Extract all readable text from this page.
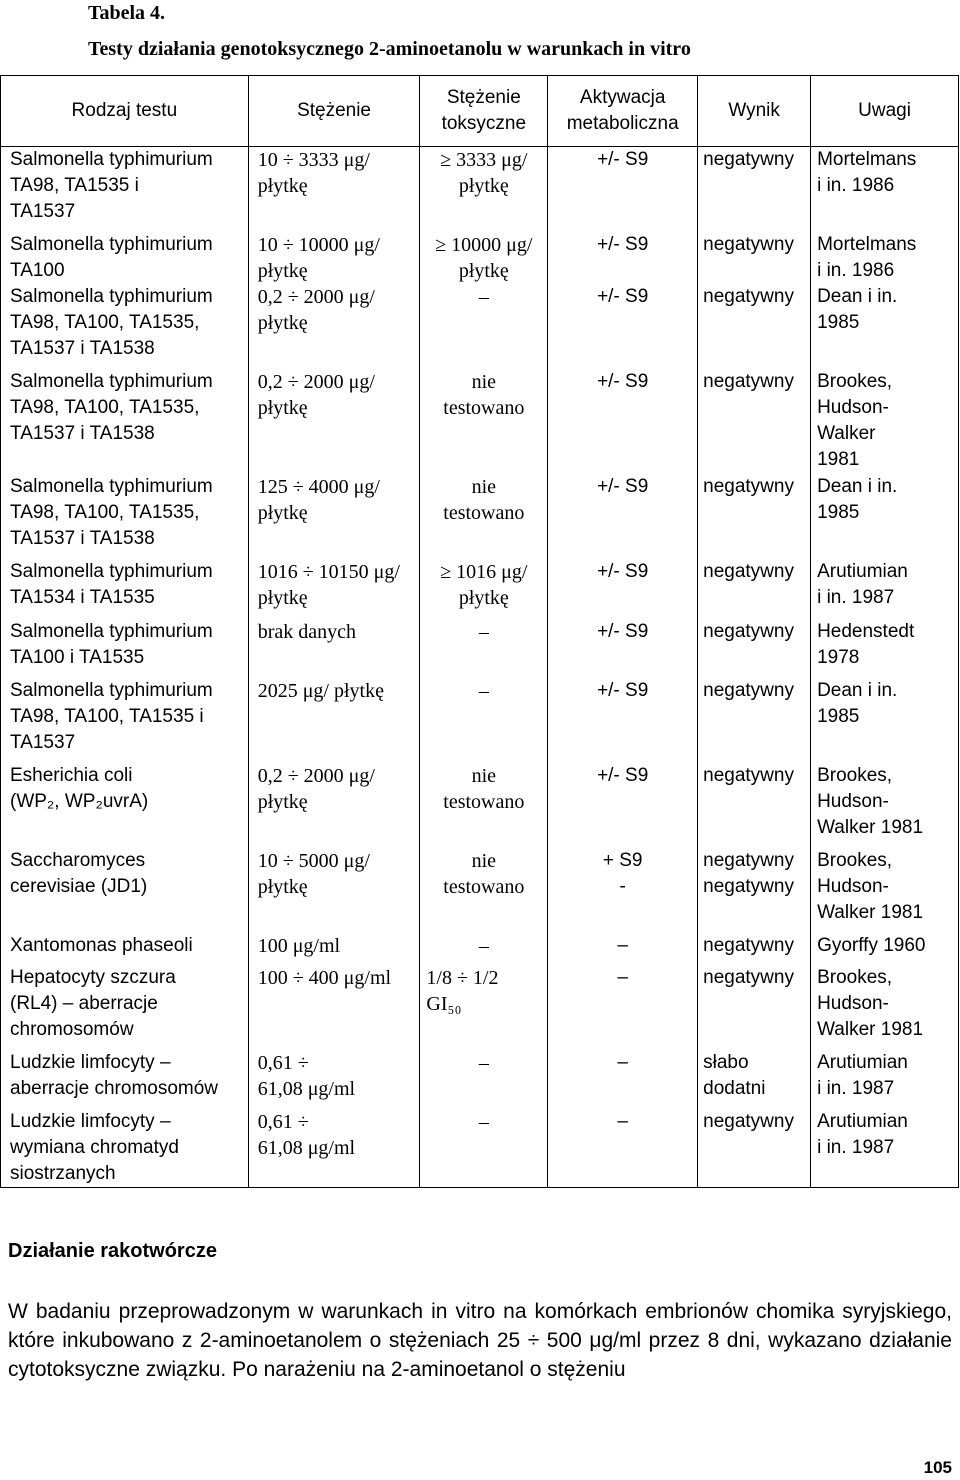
Tabela 4.
Testy działania genotoksycznego 2-aminoetanolu w warunkach in vitro
Rodzaj testu	Stężenie	Stężenie
toksyczne	Aktywacja
metaboliczna	Wynik	Uwagi

Salmonella typhimurium
TA98, TA1535 i
TA1537	10 ÷ 3333 μg/
płytkę	≥ 3333 μg/
płytkę	+/- S9	negatywny	Mortelmans
i in. 1986

Salmonella typhimurium
TA100	10 ÷ 10000 μg/
płytkę	≥ 10000 μg/
płytkę	+/- S9	negatywny	Mortelmans
i in. 1986

Salmonella typhimurium
TA98, TA100, TA1535,
TA1537 i TA1538	0,2 ÷ 2000 μg/
płytkę	–	+/- S9	negatywny	Dean i in.
1985

Salmonella typhimurium
TA98, TA100, TA1535,
TA1537 i TA1538	0,2 ÷ 2000 μg/
płytkę	nie
testowano	+/- S9	negatywny	Brookes,
Hudson-
Walker
1981

Salmonella typhimurium
TA98, TA100, TA1535,
TA1537 i TA1538	125 ÷ 4000 μg/
płytkę	nie
testowano	+/- S9	negatywny	Dean i in.
1985

Salmonella typhimurium
TA1534 i TA1535	1016 ÷ 10150 μg/
płytkę	≥ 1016 μg/
płytkę	+/- S9	negatywny	Arutiumian
i in. 1987

Salmonella typhimurium
TA100 i TA1535	brak danych	–	+/- S9	negatywny	Hedenstedt
1978

Salmonella typhimurium
TA98, TA100, TA1535 i
TA1537	2025 μg/ płytkę	–	+/- S9	negatywny	Dean i in.
1985

Esherichia coli
(WP₂, WP₂uvrA)	0,2 ÷ 2000 μg/
płytkę	nie
testowano	+/- S9	negatywny	Brookes,
Hudson-
Walker 1981

Saccharomyces
cerevisiae (JD1)	10 ÷ 5000 μg/
płytkę	nie
testowano	+ S9
-	negatywny
negatywny	Brookes,
Hudson-
Walker 1981

Xantomonas phaseoli	100 μg/ml	–	–	negatywny	Gyorffy 1960

Hepatocyty szczura
(RL4) – aberracje
chromosomów	100 ÷ 400 μg/ml	1/8 ÷ 1/2
GI₅₀	–	negatywny	Brookes,
Hudson-
Walker 1981

Ludzkie limfocyty –
aberracje chromosomów	0,61 ÷
61,08 μg/ml	–	–	słabo
dodatni	Arutiumian
i in. 1987

Ludzkie limfocyty –
wymiana chromatyd
siostrzanych	0,61 ÷
61,08 μg/ml	–	–	negatywny	Arutiumian
i in. 1987
Działanie rakotwórcze
W badaniu przeprowadzonym w warunkach in vitro na komórkach embrionów chomika syryjskiego, które inkubowano z 2-aminoetanolem o stężeniach 25 ÷ 500 μg/ml przez 8 dni, wykazano działanie cytotoksyczne związku. Po narażeniu na 2-aminoetanol o stężeniu
105
